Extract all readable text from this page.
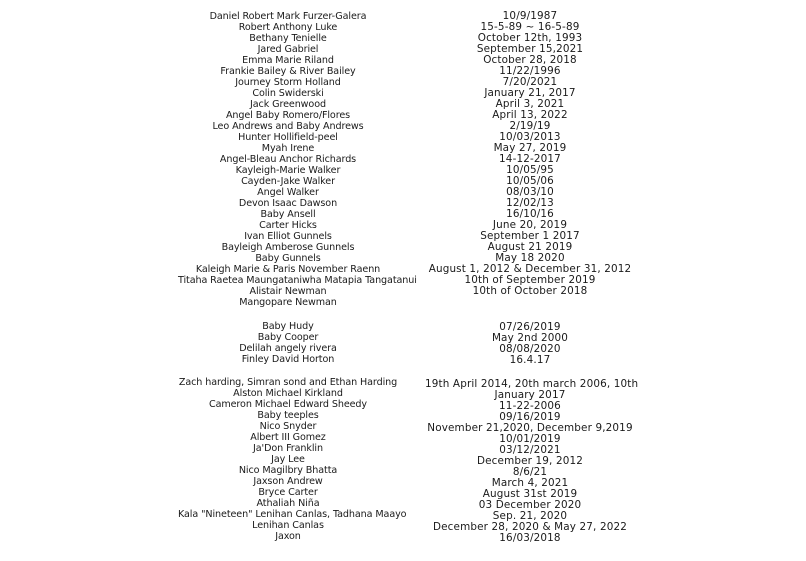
Daniel Robert Mark Furzer-Galera
Robert Anthony Luke
Bethany Tenielle
Jared Gabriel
Emma Marie Riland
Frankie Bailey & River Bailey
Journey Storm Holland
Colin Swiderski
Jack Greenwood
Angel Baby Romero/Flores
Leo Andrews and Baby Andrews
Hunter Hollifield-peel
Myah Irene
Angel-Bleau Anchor Richards
Kayleigh-Marie Walker
Cayden-Jake Walker
Angel Walker
Devon Isaac Dawson
Baby Ansell
Carter Hicks
Ivan Elliot Gunnels
Bayleigh Amberose Gunnels
Baby Gunnels
Kaleigh Marie & Paris November Raenn
Titaha Raetea Maungataniwha Matapia Tangatanui
Alistair Newman
Mangopare Newman
Baby Hudy
Baby Cooper
Delilah angely rivera
Finley David Horton
Zach harding, Simran sond and Ethan Harding
Alston Michael Kirkland
Cameron Michael Edward Sheedy
Baby teeples
Nico Snyder
Albert III Gomez
Ja'Don Franklin
Jay Lee
Nico Magilbry Bhatta
Jaxson Andrew
Bryce Carter
Athaliah Niña
Kala "Nineteen" Lenihan Canlas, Tadhana Maayo
Lenihan Canlas
Jaxon
10/9/1987
15-5-89 ~ 16-5-89
October 12th, 1993
September 15,2021
October 28, 2018
11/22/1996
7/20/2021
January 21, 2017
April 3, 2021
April 13, 2022
2/19/19
10/03/2013
May 27, 2019
14-12-2017
10/05/95
10/05/06
08/03/10
12/02/13
16/10/16
June 20, 2019
September 1 2017
August 21 2019
May 18 2020
August 1, 2012 & December 31, 2012
10th of September 2019
10th of October 2018
07/26/2019
May 2nd 2000
08/08/2020
16.4.17
19th April 2014, 20th march 2006, 10th
January 2017
11-22-2006
09/16/2019
November 21,2020, December 9,2019
10/01/2019
03/12/2021
December 19, 2012
8/6/21
March 4, 2021
August 31st 2019
03 December 2020
Sep. 21, 2020
December 28, 2020 & May 27, 2022
16/03/2018
